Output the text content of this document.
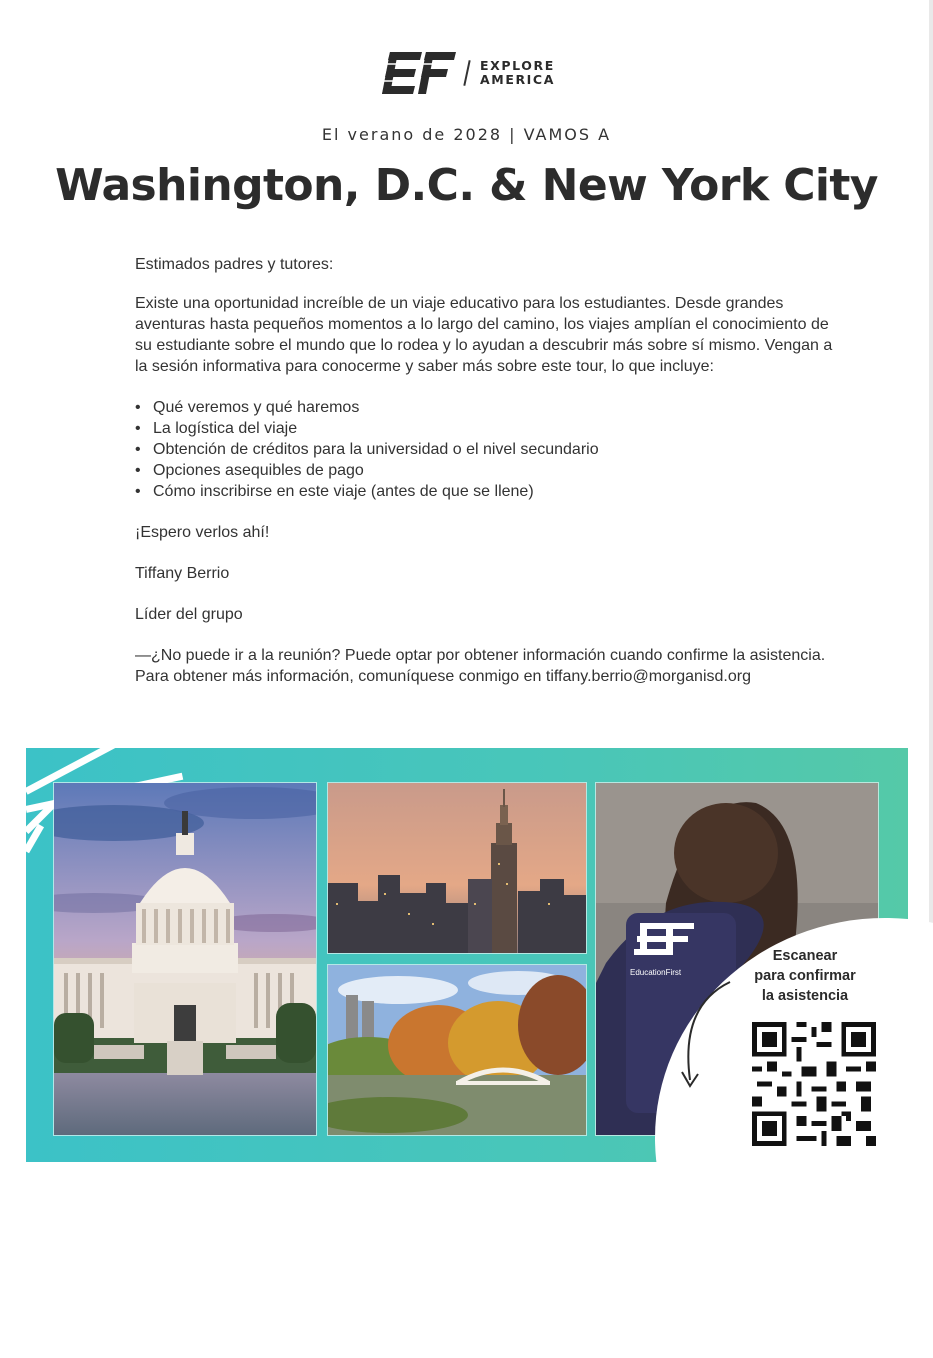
EXPLORE
AMERICA
El verano de 2028 | VAMOS A
Washington, D.C. & New York City

Estimados padres y tutores:

Existe una oportunidad increíble de un viaje educativo para los estudiantes. Desde grandes aventuras hasta pequeños momentos a lo largo del camino, los viajes amplían el conocimiento de su estudiante sobre el mundo que lo rodea y lo ayudan a descubrir más sobre sí mismo. Vengan a la sesión informativa para conocerme y saber más sobre este tour, lo que incluye:

• Qué veremos y qué haremos
• La logística del viaje
• Obtención de créditos para la universidad o el nivel secundario
• Opciones asequibles de pago
• Cómo inscribirse en este viaje (antes de que se llene)

¡Espero verlos ahí!

Tiffany Berrio

Líder del grupo

—¿No puede ir a la reunión? Puede optar por obtener información cuando confirme la asistencia. Para obtener más información, comuníquese conmigo en tiffany.berrio@morganisd.org

EducationFirst
Escanear
para confirmar
la asistencia
